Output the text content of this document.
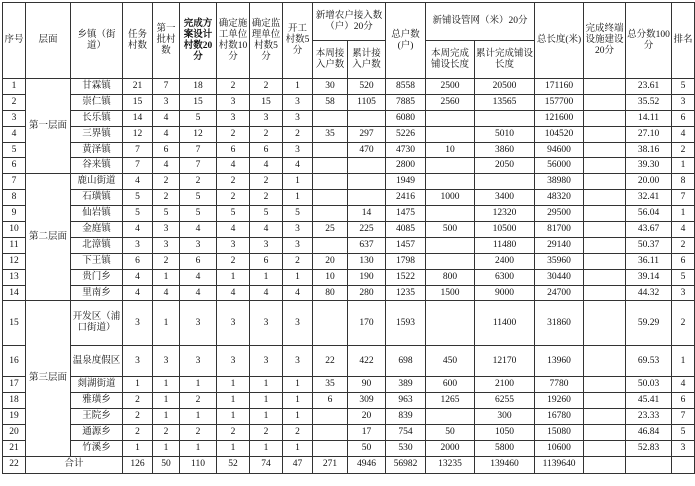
序号	层面	乡镇（街道）	任务村数	第一批村数	完成方案设计村数20分	确定施工单位村数10分	确定监理单位村数5分	开工村数5分	新增农户接入数（户）20分		总户数(户)	新铺设管网（米）20分		总长度(米)	完成终端设施建设20分	总分数100分	排名
									本周接入户数	累计接入户数		本周完成铺设长度	累计完成铺设长度				
1	第一层面	甘霖镇	21	7	18	2	2	1	30	520	8558	2500	20500	171160		23.61	5
2		崇仁镇	15	3	15	3	15	3	58	1105	7885	2560	13565	157700		35.52	3
3		长乐镇	14	4	5	3	3	3			6080			121600		14.11	6
4		三界镇	12	4	12	2	2	2	35	297	5226		5010	104520		27.10	4
5		黄泽镇	7	6	7	6	6	3		470	4730	10	3860	94600		38.16	2
6		谷来镇	7	4	7	4	4	4			2800		2050	56000		39.30	1
7	第二层面	鹿山街道	4	2	2	2	2	1			1949			38980		20.00	8
8		石璜镇	5	2	5	2	2	1			2416	1000	3400	48320		32.41	7
9		仙岩镇	5	5	5	5	5	5		14	1475		12320	29500		56.04	1
10		金庭镇	4	3	4	4	4	3	25	225	4085	500	10500	81700		43.67	4
11		北漳镇	3	3	3	3	3	3		637	1457		11480	29140		50.37	2
12		下王镇	6	2	6	2	6	2	20	130	1798		2400	35960		36.11	6
13		贵门乡	4	1	4	1	1	1	10	190	1522	800	6300	30440		39.14	5
14		里南乡	4	4	4	4	4	4	80	280	1235	1500	9000	24700		44.32	3
15	第三层面	开发区（浦口街道）	3	1	3	3	3	3		170	1593		11400	31860		59.29	2
16		温泉度假区	3	3	3	3	3	3	22	422	698	450	12170	13960		69.53	1
17		剡湖街道	1	1	1	1	1	1	35	90	389	600	2100	7780		50.03	4
18		雅璜乡	2	1	2	1	1	1	6	309	963	1265	6255	19260		45.41	6
19		王院乡	2	1	1	1	1	1		20	839		300	16780		23.33	7
20		通源乡	2	2	2	2	2	2		17	754	50	1050	15080		46.84	5
21		竹溪乡	1	1	1	1	1	1		50	530	2000	5800	10600		52.83	3
22	合计		126	50	110	52	74	47	271	4946	56982	13235	139460	1139640			
